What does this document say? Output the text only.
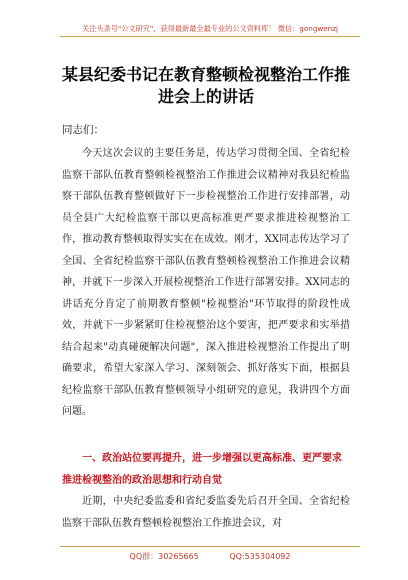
关注头条号"公文研究"，获得最新最全最专业的公文资料库！ 微信：gongwenzj
某县纪委书记在教育整顿检视整治工作推进会上的讲话
同志们：

今天这次会议的主要任务是，传达学习贯彻全国、全省纪检监察干部队伍教育整顿检视整治工作推进会议精神对我县纪检监察干部队伍教育整顿做好下一步检视整治工作进行安排部署，动员全县广大纪检监察干部以更高标准更严要求推进检视整治工作，推动教育整顿取得实实在在成效。刚才，XX同志传达学习了全国、全省纪检监察干部队伍教育整顿检视整治工作推进会议精神，并就下一步深入开展检视整治工作进行部署安排。XX同志的讲话充分肯定了前期教育整顿"检视整治"环节取得的阶段性成效，并就下一步紧紧盯住检视整治这个要害，把严要求和实举措结合起来"动真碰硬解决问题"，深入推进检视整治工作提出了明确要求，希望大家深入学习、深刻领会、抓好落实下面，根据县纪检监察干部队伍教育整顿领导小组研究的意见，我讲四个方面问题。

一、政治站位要再提升，进一步增强以更高标准、更严要求推进检视整治的政治思想和行动自觉

近期，中央纪委监委和省纪委监委先后召开全国、全省纪检监察干部队伍教育整顿检视整治工作推进会议，对

QQ群：30265665	QQ:535304092
